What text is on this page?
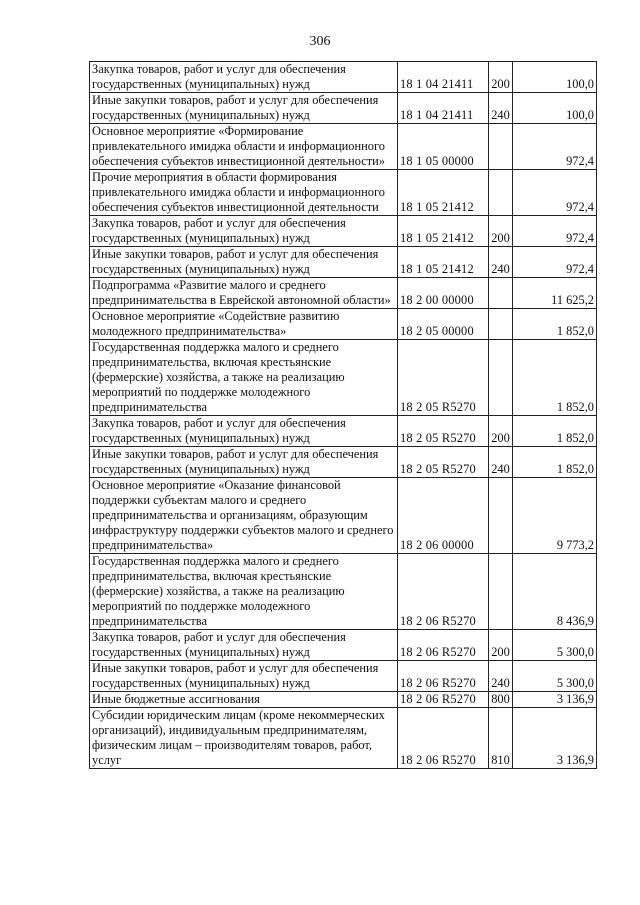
306
Закупка товаров, работ и услуг для обеспечения государственных (муниципальных) нужд	18 1 04 21411	200	100,0
Иные закупки товаров, работ и услуг для обеспечения государственных (муниципальных) нужд	18 1 04 21411	240	100,0
Основное мероприятие «Формирование привлекательного имиджа области и информационного обеспечения субъектов инвестиционной деятельности»	18 1 05 00000		972,4
Прочие мероприятия в области формирования привлекательного имиджа области и информационного обеспечения субъектов инвестиционной деятельности	18 1 05 21412		972,4
Закупка товаров, работ и услуг для обеспечения государственных (муниципальных) нужд	18 1 05 21412	200	972,4
Иные закупки товаров, работ и услуг для обеспечения государственных (муниципальных) нужд	18 1 05 21412	240	972,4
Подпрограмма «Развитие малого и среднего предпринимательства в Еврейской автономной области»	18 2 00 00000		11 625,2
Основное мероприятие «Содействие развитию молодежного предпринимательства»	18 2 05 00000		1 852,0
Государственная поддержка малого и среднего предпринимательства, включая крестьянские (фермерские) хозяйства, а также на реализацию мероприятий по поддержке молодежного предпринимательства	18 2 05 R5270		1 852,0
Закупка товаров, работ и услуг для обеспечения государственных (муниципальных) нужд	18 2 05 R5270	200	1 852,0
Иные закупки товаров, работ и услуг для обеспечения государственных (муниципальных) нужд	18 2 05 R5270	240	1 852,0
Основное мероприятие «Оказание финансовой поддержки субъектам малого и среднего предпринимательства и организациям, образующим инфраструктуру поддержки субъектов малого и среднего предпринимательства»	18 2 06 00000		9 773,2
Государственная поддержка малого и среднего предпринимательства, включая крестьянские (фермерские) хозяйства, а также на реализацию мероприятий по поддержке молодежного предпринимательства	18 2 06 R5270		8 436,9
Закупка товаров, работ и услуг для обеспечения государственных (муниципальных) нужд	18 2 06 R5270	200	5 300,0
Иные закупки товаров, работ и услуг для обеспечения государственных (муниципальных) нужд	18 2 06 R5270	240	5 300,0
Иные бюджетные ассигнования	18 2 06 R5270	800	3 136,9
Субсидии юридическим лицам (кроме некоммерческих организаций), индивидуальным предпринимателям, физическим лицам – производителям товаров, работ, услуг	18 2 06 R5270	810	3 136,9
